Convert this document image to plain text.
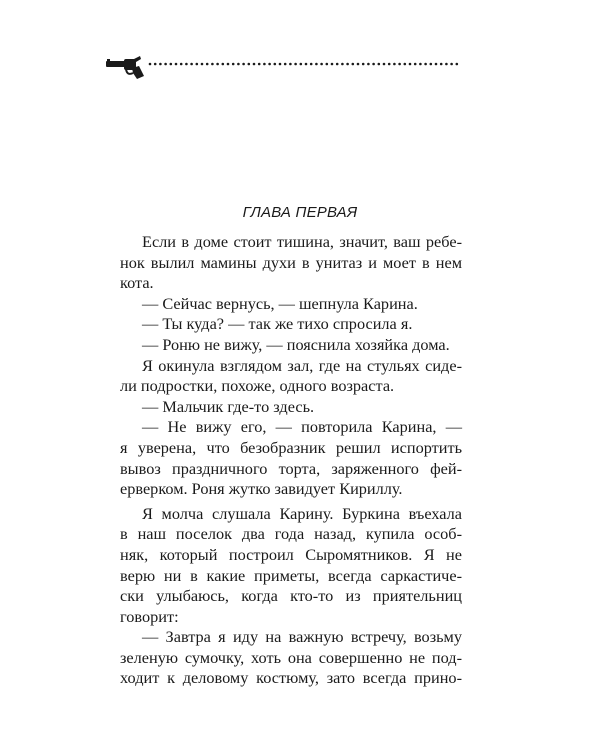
ГЛАВА ПЕРВАЯ
Если в доме стоит тишина, значит, ваш ребе-
нок вылил мамины духи в унитаз и моет в нем
кота.
— Сейчас вернусь, — шепнула Карина.
— Ты куда? — так же тихо спросила я.
— Роню не вижу, — пояснила хозяйка дома.
Я окинула взглядом зал, где на стульях сиде-
ли подростки, похоже, одного возраста.
— Мальчик где-то здесь.
— Не вижу его, — повторила Карина, —
я уверена, что безобразник решил испортить
вывоз праздничного торта, заряженного фей-
ерверком. Роня жутко завидует Кириллу.
Я молча слушала Карину. Буркина въехала
в наш поселок два года назад, купила особ-
няк, который построил Сыромятников. Я не
верю ни в какие приметы, всегда саркастиче-
ски улыбаюсь, когда кто-то из приятельниц
говорит:
— Завтра я иду на важную встречу, возьму
зеленую сумочку, хоть она совершенно не под-
ходит к деловому костюму, зато всегда прино-
